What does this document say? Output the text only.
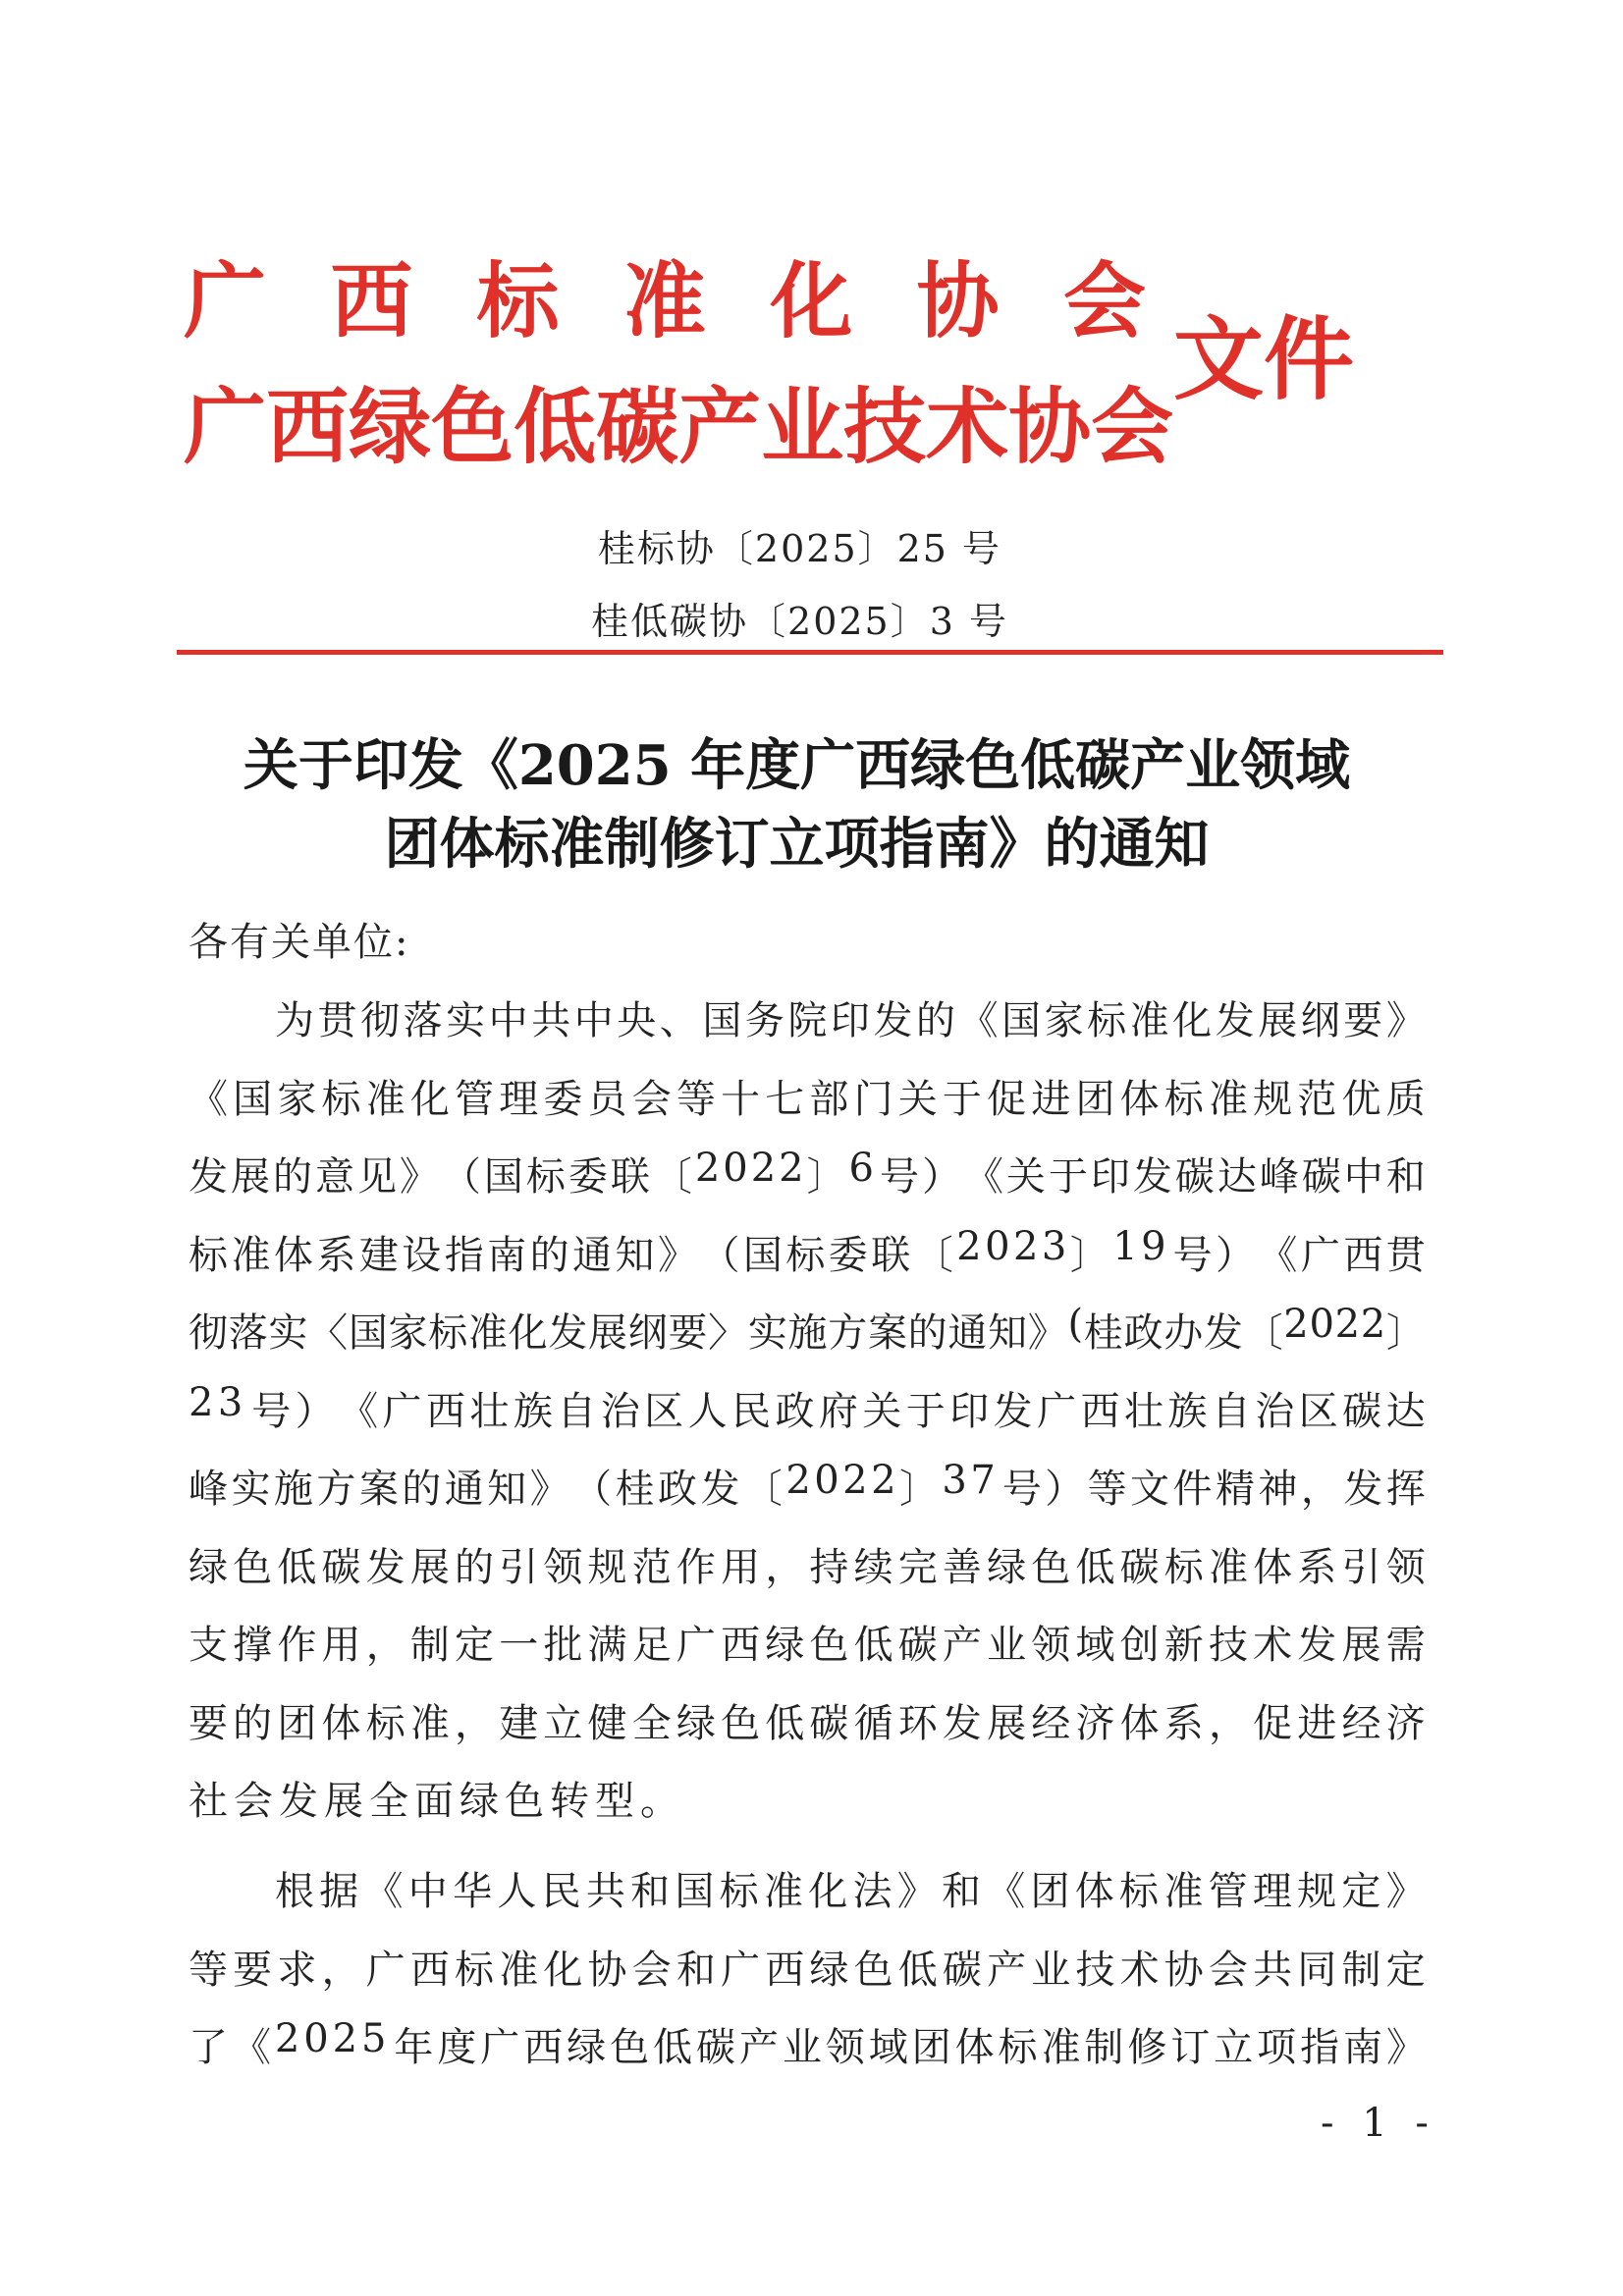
广 西 标 准 化 协 会
广 西 绿 色 低 碳 产 业 技 术 协 会
文件
桂标协〔2025〕25 号
桂低碳协〔2025〕3 号
关于印发《2025 年度广西绿色低碳产业领域
团体标准制修订立项指南》的通知
各有关单位:
为 贯 彻 落 实 中 共 中 央 、 国 务 院 印 发 的 《 国 家 标 准 化 发 展 纲 要 》
《 国 家 标 准 化 管 理 委 员 会 等 十 七 部 门 关 于 促 进 团 体 标 准 规 范 优 质
发 展 的 意 见 》 （ 国 标 委 联 〔 2 0 2 2 〕 6 号 ） 《 关 于 印 发 碳 达 峰 碳 中 和
标 准 体 系 建 设 指 南 的 通 知 》 （ 国 标 委 联 〔 2 0 2 3 〕 1 9 号 ） 《 广 西 贯
彻 落 实 〈 国 家 标 准 化 发 展 纲 要 〉 实 施 方 案 的 通 知 》 ( 桂 政 办 发 〔 2 0 2 2 〕
2 3 号 ） 《 广 西 壮 族 自 治 区 人 民 政 府 关 于 印 发 广 西 壮 族 自 治 区 碳 达
峰 实 施 方 案 的 通 知 》 （ 桂 政 发 〔 2 0 2 2 〕 3 7 号 ） 等 文 件 精 神 ， 发 挥
绿 色 低 碳 发 展 的 引 领 规 范 作 用 ， 持 续 完 善 绿 色 低 碳 标 准 体 系 引 领
支 撑 作 用 ， 制 定 一 批 满 足 广 西 绿 色 低 碳 产 业 领 域 创 新 技 术 发 展 需
要 的 团 体 标 准 ， 建 立 健 全 绿 色 低 碳 循 环 发 展 经 济 体 系 ， 促 进 经 济
社会发展全面绿色转型。
根 据 《 中 华 人 民 共 和 国 标 准 化 法 》 和 《 团 体 标 准 管 理 规 定 》
等 要 求 ， 广 西 标 准 化 协 会 和 广 西 绿 色 低 碳 产 业 技 术 协 会 共 同 制 定
了 《 2 0 2 5 年 度 广 西 绿 色 低 碳 产 业 领 域 团 体 标 准 制 修 订 立 项 指 南 》
- 1 -
